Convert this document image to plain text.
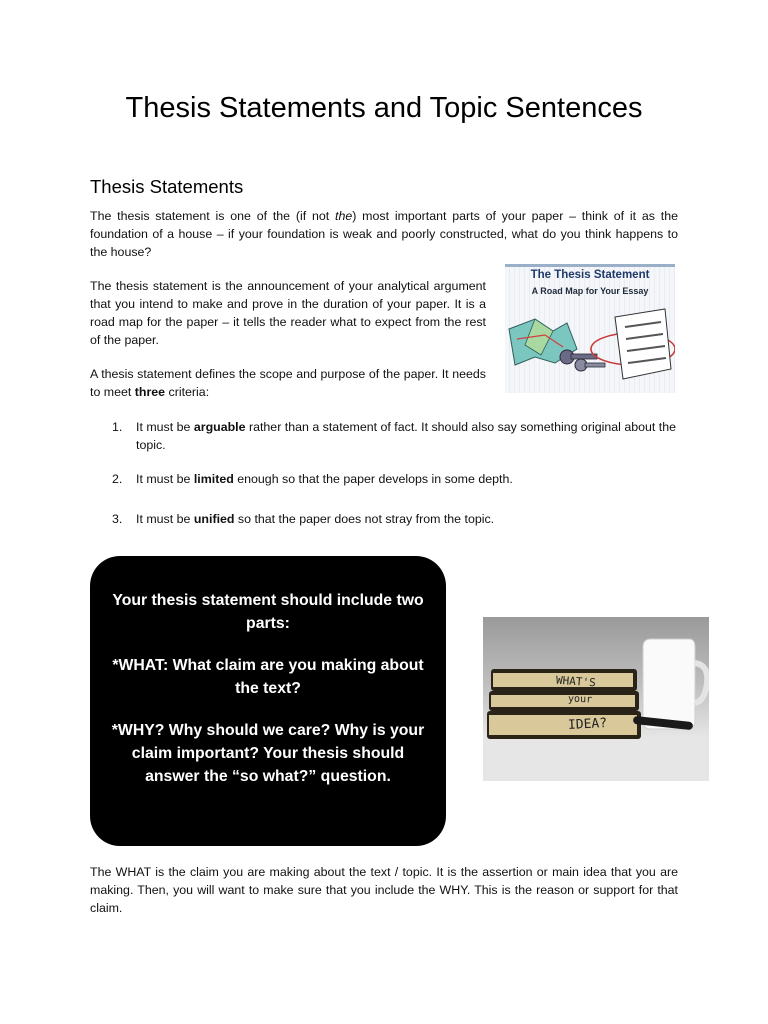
Thesis Statements and Topic Sentences
Thesis Statements

The thesis statement is one of the (if not the) most important parts of your paper – think of it as the foundation of a house – if your foundation is weak and poorly constructed, what do you think happens to the house?

The thesis statement is the announcement of your analytical argument that you intend to make and prove in the duration of your paper. It is a road map for the paper – it tells the reader what to expect from the rest of the paper.

A thesis statement defines the scope and purpose of the paper. It needs to meet three criteria:

1. It must be arguable rather than a statement of fact. It should also say something original about the topic.
2. It must be limited enough so that the paper develops in some depth.
3. It must be unified so that the paper does not stray from the topic.

The Thesis Statement

A Road Map for Your Essay

Your thesis statement should include two parts:

*WHAT: What claim are you making about the text?

*WHY? Why should we care? Why is your claim important? Your thesis should answer the “so what?” question.

WHAT'S
your
IDEA?

The WHAT is the claim you are making about the text / topic. It is the assertion or main idea that you are making. Then, you will want to make sure that you include the WHY. This is the reason or support for that claim.
